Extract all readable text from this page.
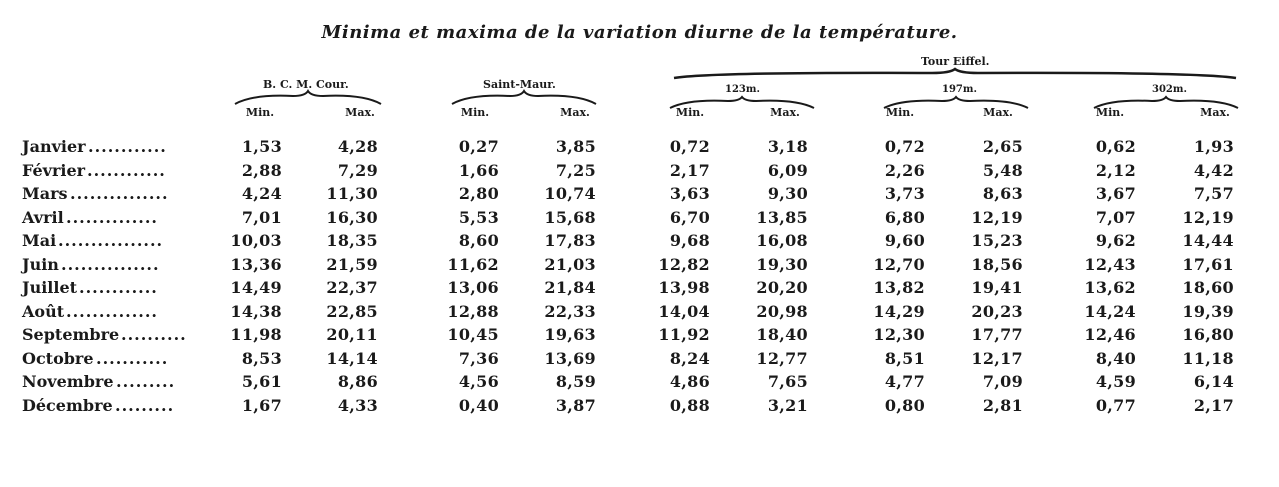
Minima et maxima de la variation diurne de la température.
B. C. M. Cour.	Saint-Maur.
Tour Eiffel.
123m.	197m.	302m.
Min.	Max.	Min.	Max.	Min.	Max.	Min.	Max.	Min.	Max.
Janvier ............	1,53	4,28	0,27	3,85	0,72	3,18	0,72	2,65	0,62	1,93
Février ............	2,88	7,29	1,66	7,25	2,17	6,09	2,26	5,48	2,12	4,42
Mars ...............	4,24	11,30	2,80	10,74	3,63	9,30	3,73	8,63	3,67	7,57
Avril ..............	7,01	16,30	5,53	15,68	6,70	13,85	6,80	12,19	7,07	12,19
Mai ................	10,03	18,35	8,60	17,83	9,68	16,08	9,60	15,23	9,62	14,44
Juin ...............	13,36	21,59	11,62	21,03	12,82	19,30	12,70	18,56	12,43	17,61
Juillet ............	14,49	22,37	13,06	21,84	13,98	20,20	13,82	19,41	13,62	18,60
Août ..............	14,38	22,85	12,88	22,33	14,04	20,98	14,29	20,23	14,24	19,39
Septembre ..........	11,98	20,11	10,45	19,63	11,92	18,40	12,30	17,77	12,46	16,80
Octobre ...........	8,53	14,14	7,36	13,69	8,24	12,77	8,51	12,17	8,40	11,18
Novembre .........	5,61	8,86	4,56	8,59	4,86	7,65	4,77	7,09	4,59	6,14
Décembre .........	1,67	4,33	0,40	3,87	0,88	3,21	0,80	2,81	0,77	2,17
